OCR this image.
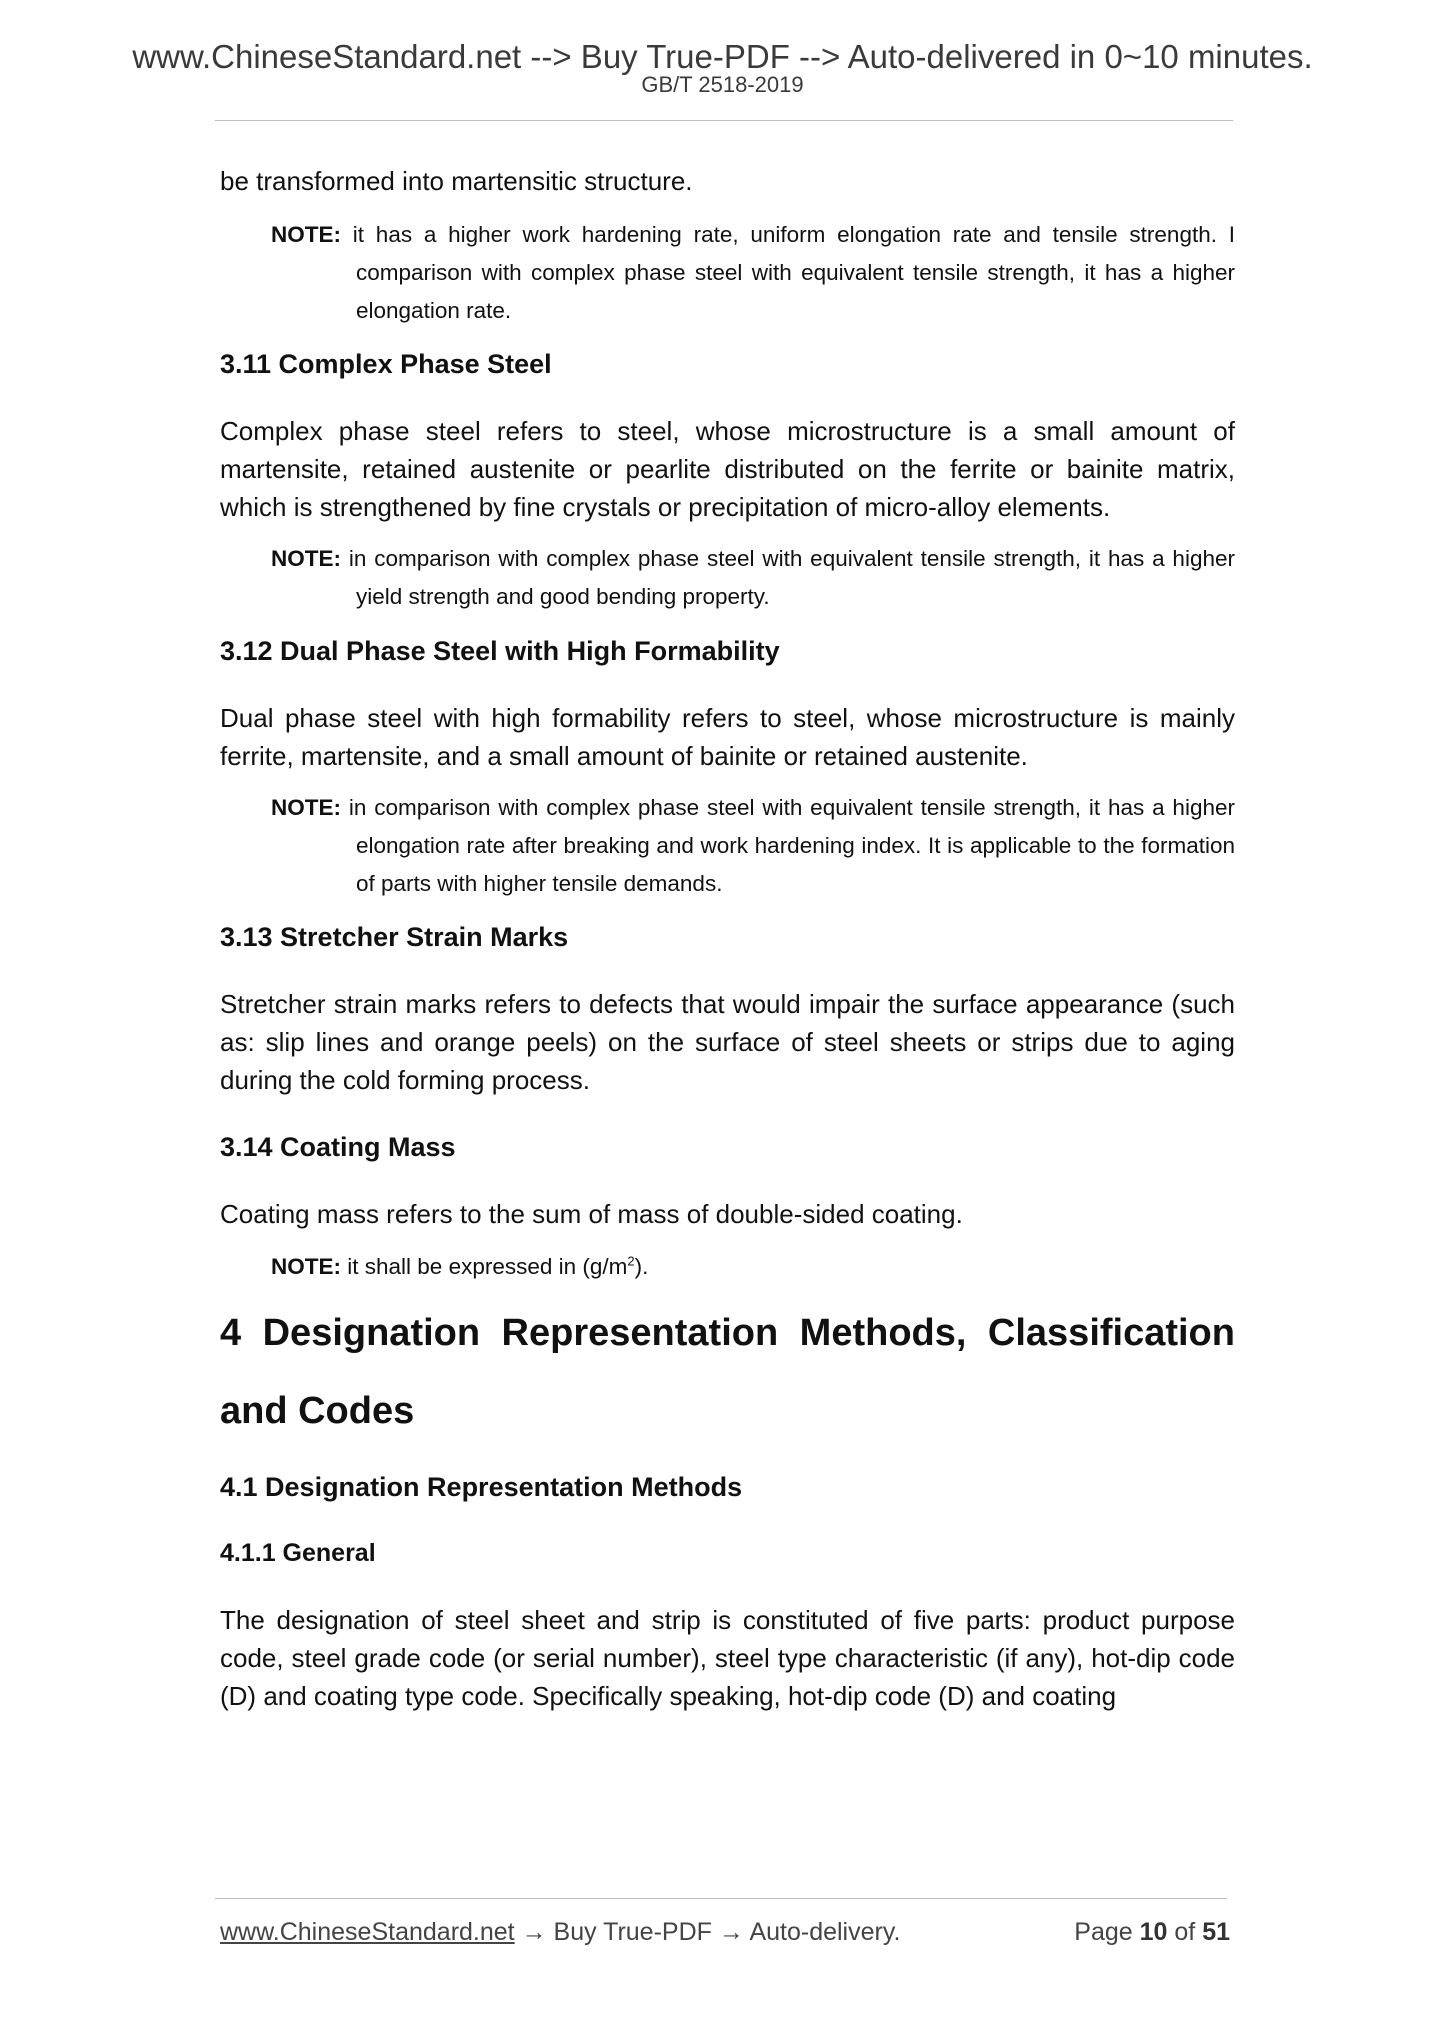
www.ChineseStandard.net --> Buy True-PDF --> Auto-delivered in 0~10 minutes.
GB/T 2518-2019

be transformed into martensitic structure.

NOTE: it has a higher work hardening rate, uniform elongation rate and tensile strength. I comparison with complex phase steel with equivalent tensile strength, it has a higher elongation rate.

3.11 Complex Phase Steel

Complex phase steel refers to steel, whose microstructure is a small amount of martensite, retained austenite or pearlite distributed on the ferrite or bainite matrix, which is strengthened by fine crystals or precipitation of micro-alloy elements.

NOTE: in comparison with complex phase steel with equivalent tensile strength, it has a higher yield strength and good bending property.

3.12 Dual Phase Steel with High Formability

Dual phase steel with high formability refers to steel, whose microstructure is mainly ferrite, martensite, and a small amount of bainite or retained austenite.

NOTE: in comparison with complex phase steel with equivalent tensile strength, it has a higher elongation rate after breaking and work hardening index. It is applicable to the formation of parts with higher tensile demands.

3.13 Stretcher Strain Marks

Stretcher strain marks refers to defects that would impair the surface appearance (such as: slip lines and orange peels) on the surface of steel sheets or strips due to aging during the cold forming process.

3.14 Coating Mass

Coating mass refers to the sum of mass of double-sided coating.

NOTE: it shall be expressed in $(g/m^2)$.

4 Designation Representation Methods, Classification and Codes
4.1 Designation Representation Methods
4.1.1 General

The designation of steel sheet and strip is constituted of five parts: product purpose code, steel grade code (or serial number), steel type characteristic (if any), hot-dip code (D) and coating type code. Specifically speaking, hot-dip code (D) and coating

www.ChineseStandard.net → Buy True-PDF → Auto-delivery.	Page 10 of 51
